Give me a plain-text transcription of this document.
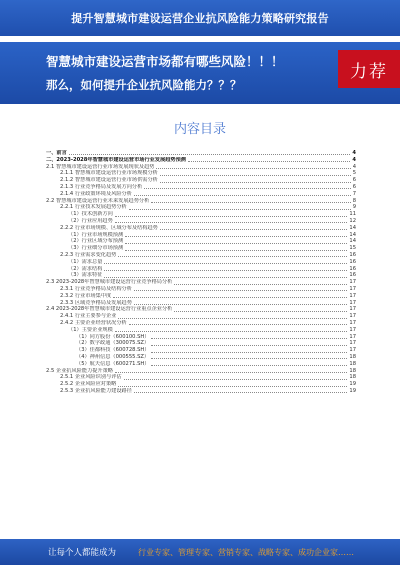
提升智慧城市建设运营企业抗风险能力策略研究报告
智慧城市建设运营市场都有哪些风险！！！
那么，如何提升企业抗风险能力？？？
力荐
内容目录
一、前言	4
二、2023-2028年智慧城市建设运营市场行业发展趋势预测	4
2.1 智慧城市建设运营行业市场发展现状及趋势	4
2.1.1 智慧城市建设运营行业市场规模分析	5
2.1.2 智慧城市建设运营行业市场供需分析	6
2.1.3 行业竞争格局及发展方向分析	6
2.1.4 行业政策环境及风险分析	7
2.2 智慧城市建设运营行业未来发展趋势分析	8
2.2.1 行业技术发展趋势分析	9
（1）技术创新方向	11
（2）行业应用趋势	12
2.2.2 行业市场规模、区域分布及结构趋势	14
（1）行业市场规模预测	14
（2）行业区域分布预测	14
（3）行业细分市场预测	15
2.2.3 行业需求变化趋势	16
（1）需求总量	16
（2）需求结构	16
（3）需求特征	16
2.3 2023-2028年智慧城市建设运营行业竞争格局分析	17
2.3.1 行业竞争格局及结构分析	17
2.3.2 行业市场集中度	17
2.3.3 区域竞争格局及发展趋势	17
2.4 2023-2028年智慧城市建设运营行业重点企业分析	17
2.4.1 行业主要参与企业	17
2.4.2 主要企业经营状况分析	17
（1）主要企业规模	17
（1）同方股份（600100.SH）	17
（2）数字政通（300075.SZ）	17
（3）佳都科技（600728.SH）	17
（4）神州信息（000555.SZ）	18
（5）航天信息（600271.SH）	18
2.5 企业抗风险能力提升策略	18
2.5.1 企业风险识别与评估	18
2.5.2 企业风险应对策略	19
2.5.3 企业抗风险能力建设路径	19
让每个人都能成为	行业专家、管理专家、营销专家、战略专家、成功企业家……
